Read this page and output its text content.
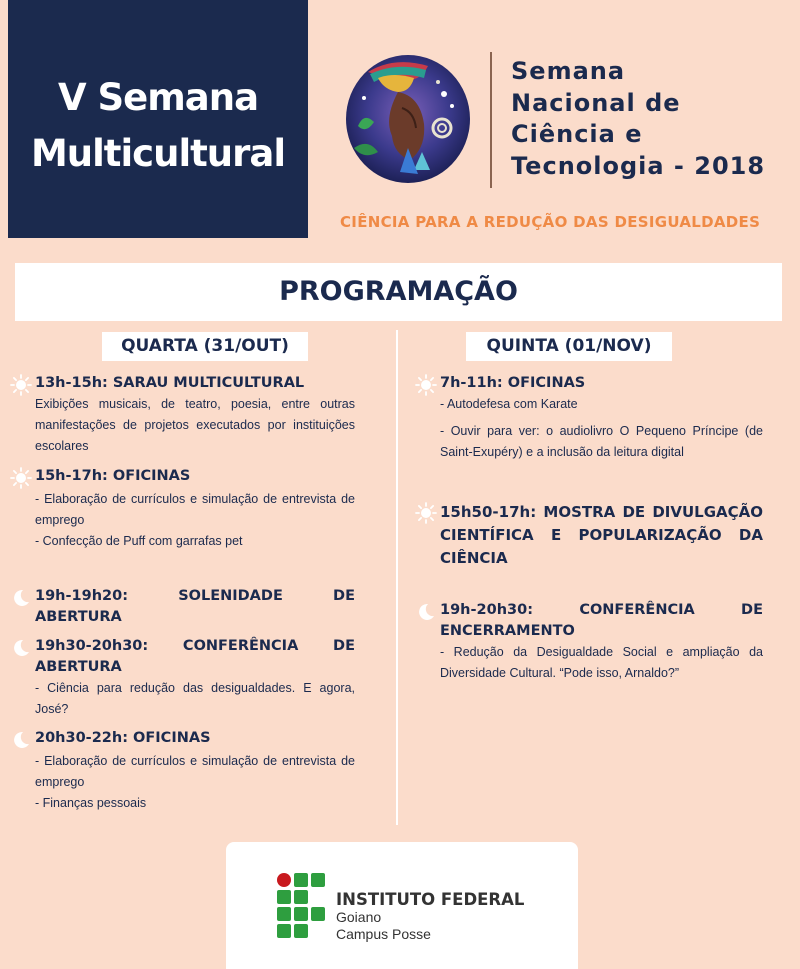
V Semana
Multicultural
Semana
Nacional de
Ciência e
Tecnologia - 2018
CIÊNCIA PARA A REDUÇÃO DAS DESIGUALDADES
PROGRAMAÇÃO
QUARTA (31/OUT)	QUINTA (01/NOV)
13h-15h: SARAU MULTICULTURAL
Exibições musicais, de teatro, poesia, entre outras manifestações de projetos executados por instituições escolares
15h-17h: OFICINAS
- Elaboração de currículos e simulação de entrevista de emprego
- Confecção de Puff com garrafas pet
19h-19h20: SOLENIDADE DE ABERTURA
19h30-20h30: CONFERÊNCIA DE ABERTURA
- Ciência para redução das desigualdades. E agora, José?
20h30-22h: OFICINAS
- Elaboração de currículos e simulação de entrevista de emprego
- Finanças pessoais
7h-11h: OFICINAS
- Autodefesa com Karate
- Ouvir para ver: o audiolivro O Pequeno Príncipe (de Saint-Exupéry) e a inclusão da leitura digital
15h50-17h: MOSTRA DE DIVULGAÇÃO CIENTÍFICA E POPULARIZAÇÃO DA CIÊNCIA
19h-20h30: CONFERÊNCIA DE ENCERRAMENTO
- Redução da Desigualdade Social e ampliação da Diversidade Cultural. “Pode isso, Arnaldo?”
INSTITUTO FEDERAL
Goiano
Campus Posse
